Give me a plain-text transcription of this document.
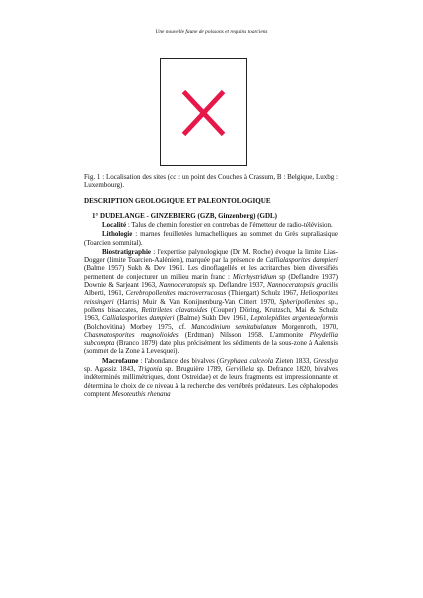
Une nouvelle faune de poissons et requins toarciens
Fig. 1 : Localisation des sites (cc : un point des Couches à Crassum, B : Belgique, Luxbg : Luxembourg).
DESCRIPTION GEOLOGIQUE ET PALEONTOLOGIQUE
1° DUDELANGE - GINZEBIERG (GZB, Ginzenberg) (GDL)

Localité : Talus de chemin forestier en contrebas de l'émetteur de radio-télévision.

Lithologie : marnes feuilletées lumachelliques au sommet du Grès supraliasique (Toarcien sommital).

Biostratigraphie : l'expertise palynologique (Dr M. Roche) évoque la limite Lias-Dogger (limite Toarcien-Aalénien), marquée par la présence de Callialasporites dampieri (Balme 1957) Sukh & Dev 1961. Les dinoflagellés et les acritarches bien diversifiés permettent de conjecturer un milieu marin franc : Micrhystridium sp (Deflandre 1937) Downie & Sarjeant 1963, Nannoceratopsis sp. Deflandre 1937, Nannoceratopsis gracilis Alberti, 1961, Cerebropollenites macroverrucosus (Thiergart) Schulz 1967, Heliosporites reissingeri (Harris) Muir & Van Konijnenburg-Van Cittert 1970, Spheripollenites sp., pollens bisaccates, Retitriletes clavatoides (Couper) Döring, Krutzsch, Mai & Schulz 1963, Callialasporites dampieri (Balme) Sukh Dev 1961, Leptolepidites argenteaeformis (Bolchovitina) Morbey 1975, cf. Mancodinium semitabulatum Morgenroth, 1970, Chasmatosporites magnolioides (Erdtman) Nilsson 1958. L'ammonite Pleydellia subcompta (Branco 1879) date plus précisément les sédiments de la sous-zone à Aalensis (sommet de la Zone à Levesquei).

Macrofaune : l'abondance des bivalves (Gryphaea calceola Zieten 1833, Gresslya sp. Agassiz 1843, Trigonia sp. Bruguière 1789, Gervillela sp. Defrance 1820, bivalves indéterminés millimétriques, dont Ostreidae) et de leurs fragments est impressionnante et détermina le choix de ce niveau à la recherche des vertébrés prédateurs. Les céphalopodes comptent Mesoteuthis rhenana
